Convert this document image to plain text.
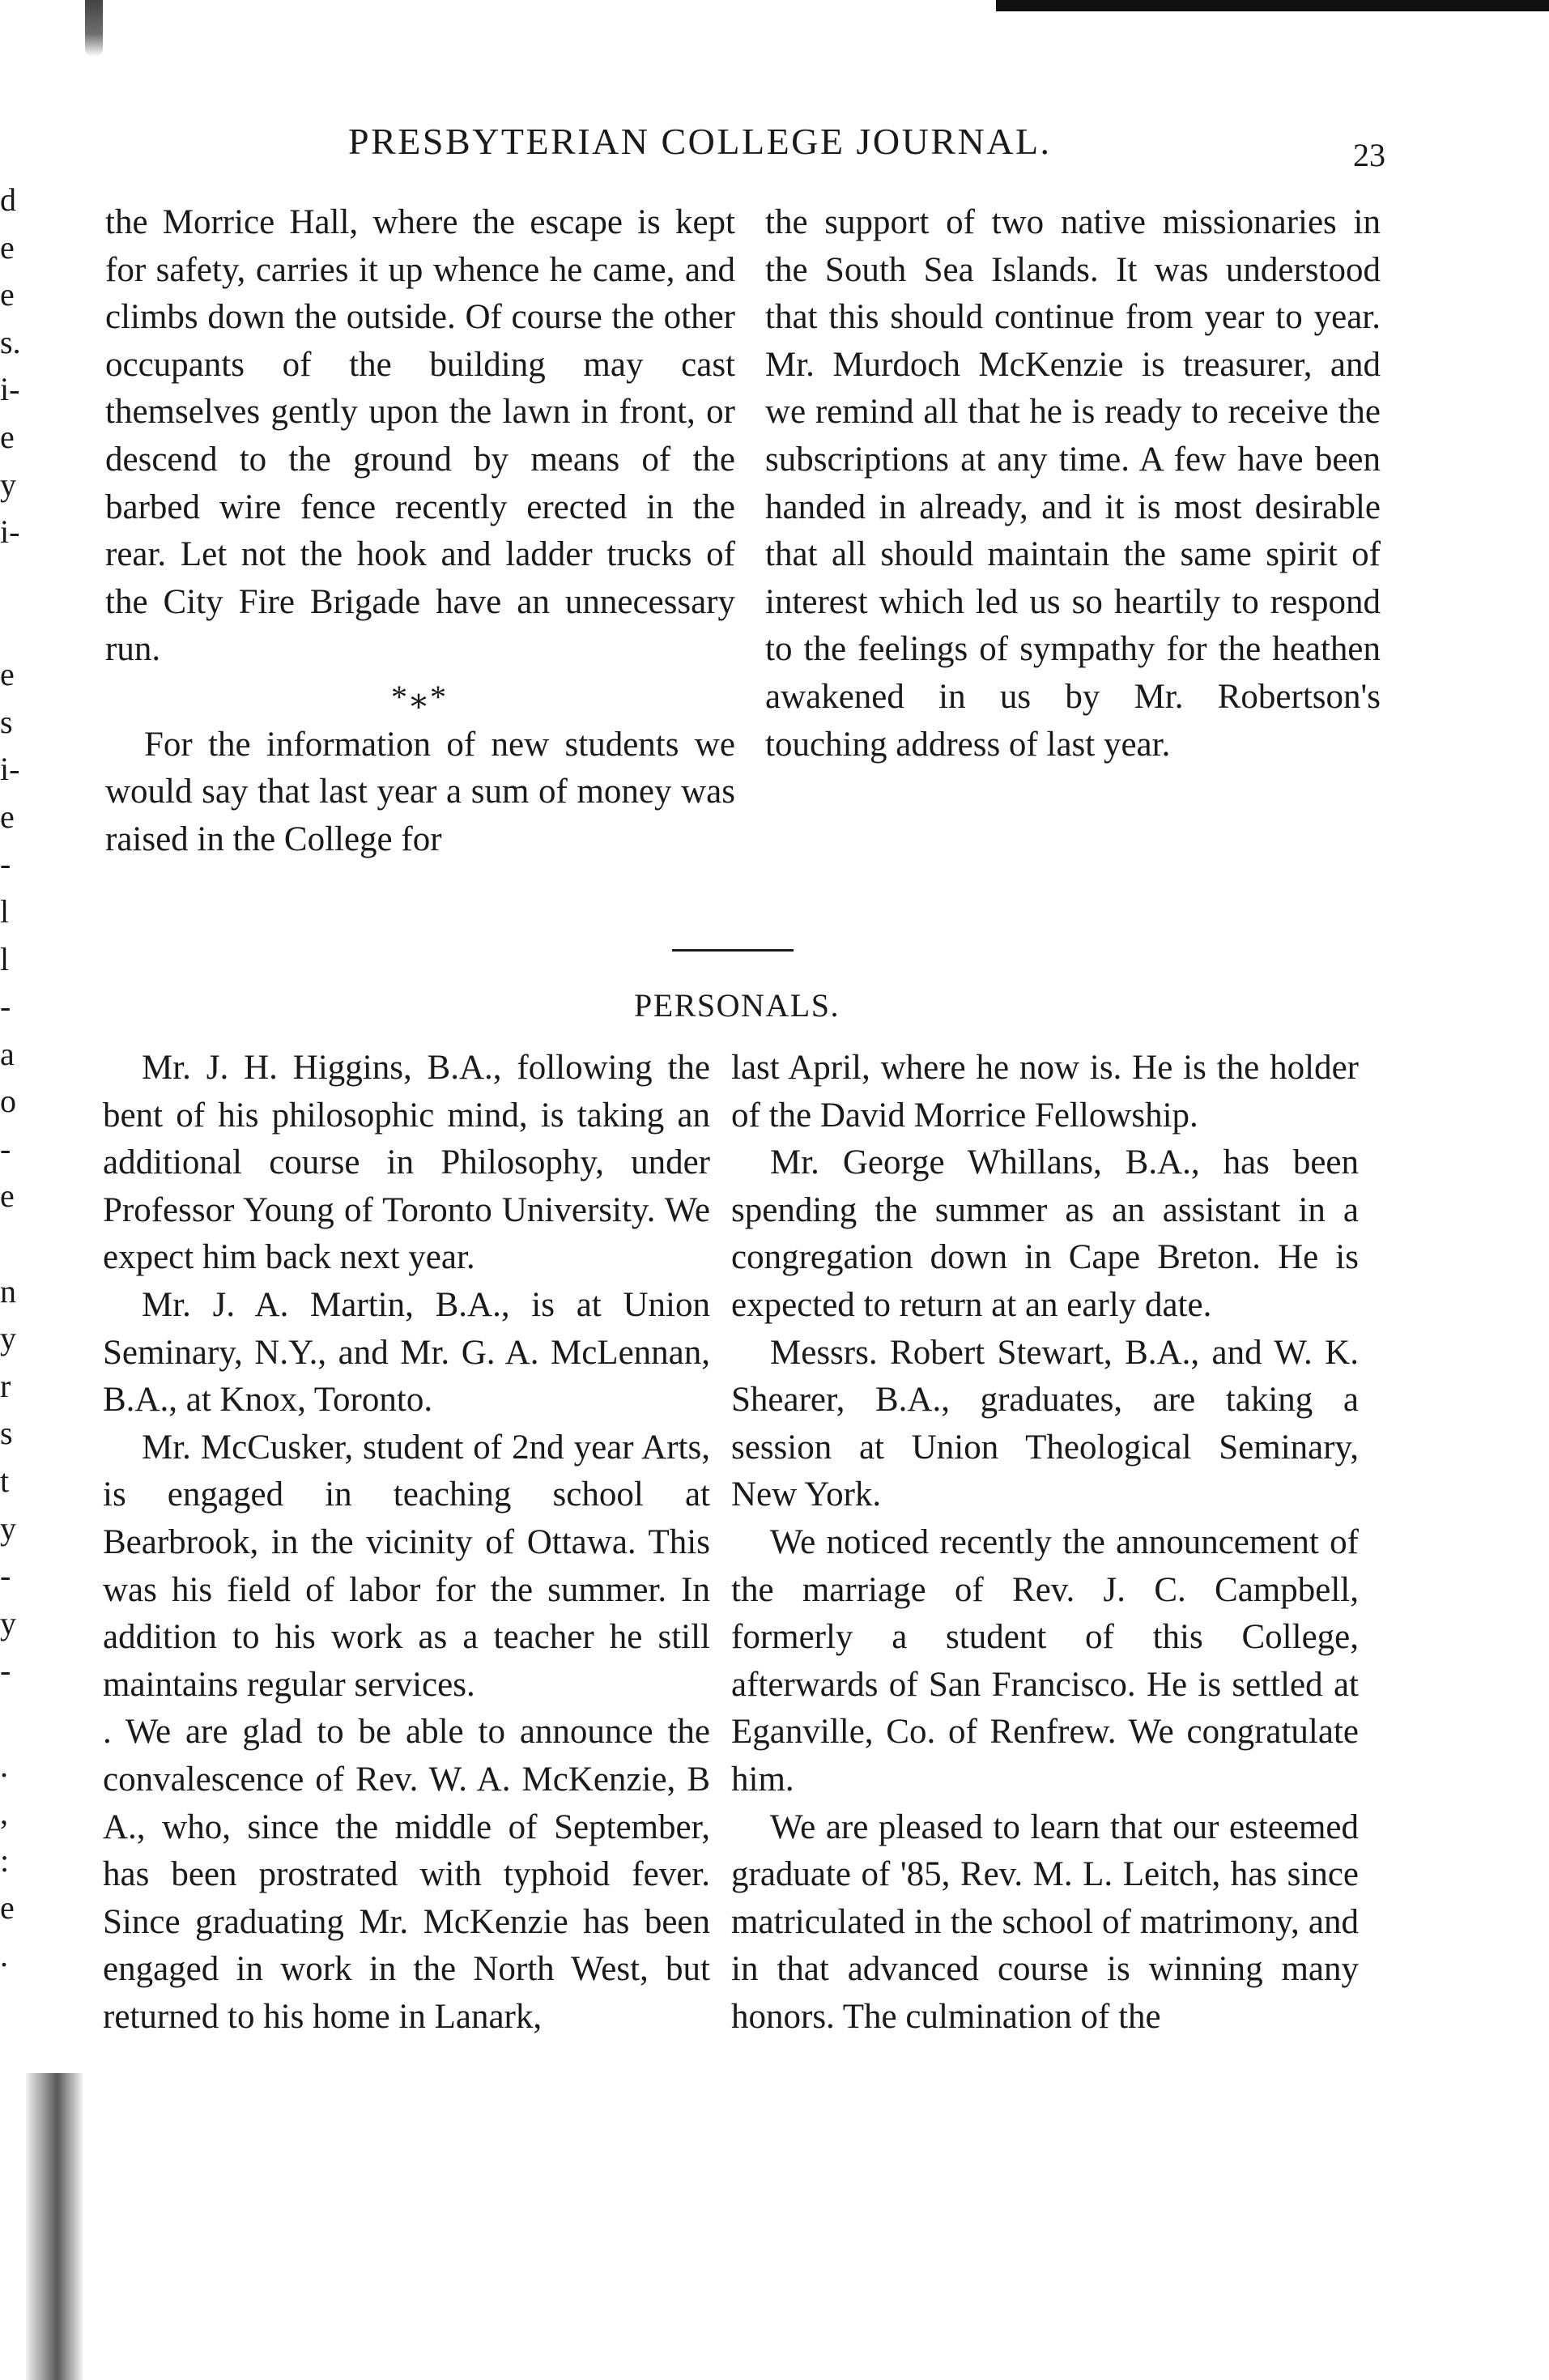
d
e
e
s.
i-
e
y
i-
e
s
i-
e
-
l
l
-
a
o
-
e
n
y
r
s
t
y
-
y
-
.
,
:
e
.
PRESBYTERIAN COLLEGE JOURNAL.	23

the Morrice Hall, where the escape is kept for safety, carries it up whence he came, and climbs down the outside. Of course the other occupants of the building may cast themselves gently upon the lawn in front, or descend to the ground by means of the barbed wire fence recently erected in the rear. Let not the hook and ladder trucks of the City Fire Brigade have an unnecessary run.

*⁎*

For the information of new students we would say that last year a sum of money was raised in the College for

the support of two native missionaries in the South Sea Islands. It was understood that this should continue from year to year. Mr. Murdoch McKenzie is treasurer, and we remind all that he is ready to receive the subscriptions at any time. A few have been handed in already, and it is most desirable that all should maintain the same spirit of interest which led us so heartily to respond to the feelings of sympathy for the heathen awakened in us by Mr. Robertson's touching address of last year.

PERSONALS.

Mr. J. H. Higgins, B.A., following the bent of his philosophic mind, is taking an additional course in Philosophy, under Professor Young of Toronto University. We expect him back next year.

Mr. J. A. Martin, B.A., is at Union Seminary, N.Y., and Mr. G. A. McLennan, B.A., at Knox, Toronto.

Mr. McCusker, student of 2nd year Arts, is engaged in teaching school at Bearbrook, in the vicinity of Ottawa. This was his field of labor for the summer. In addition to his work as a teacher he still maintains regular services.

. We are glad to be able to announce the convalescence of Rev. W. A. McKenzie, B A., who, since the middle of September, has been prostrated with typhoid fever. Since graduating Mr. McKenzie has been engaged in work in the North West, but returned to his home in Lanark,

last April, where he now is. He is the holder of the David Morrice Fellowship.

Mr. George Whillans, B.A., has been spending the summer as an assistant in a congregation down in Cape Breton. He is expected to return at an early date.

Messrs. Robert Stewart, B.A., and W. K. Shearer, B.A., graduates, are taking a session at Union Theological Seminary, New York.

We noticed recently the announcement of the marriage of Rev. J. C. Campbell, formerly a student of this College, afterwards of San Francisco. He is settled at Eganville, Co. of Renfrew. We congratulate him.

We are pleased to learn that our esteemed graduate of '85, Rev. M. L. Leitch, has since matriculated in the school of matrimony, and in that advanced course is winning many honors. The culmination of the
